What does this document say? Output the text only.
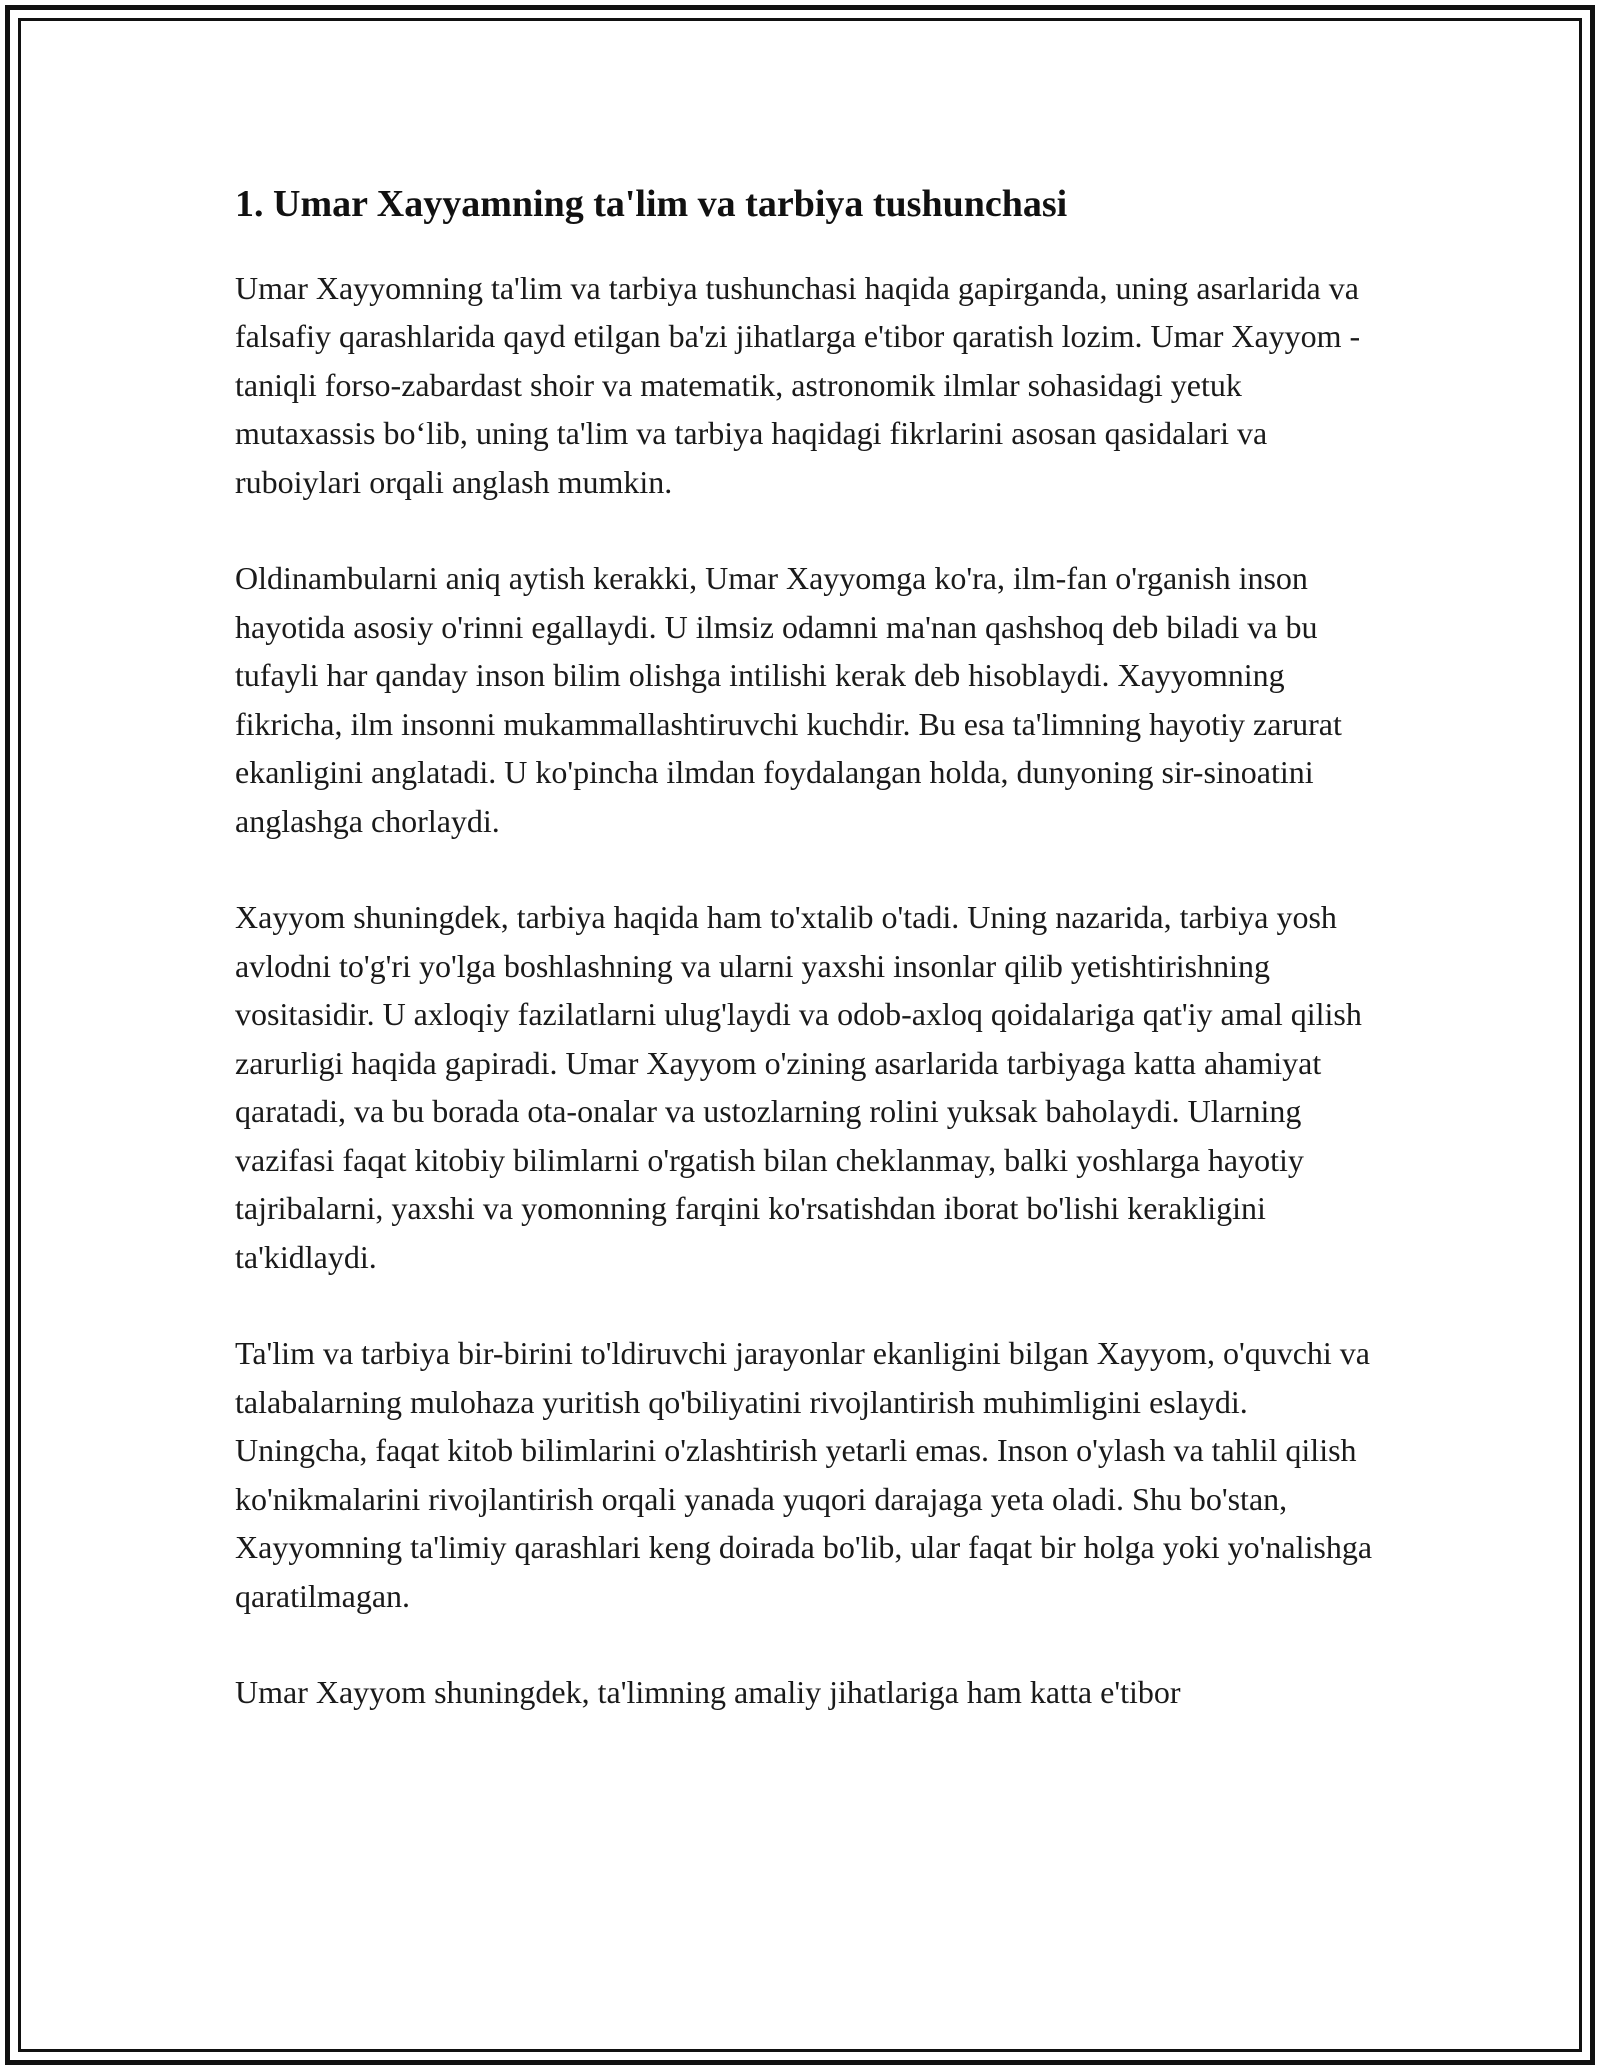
1. Umar Xayyamning ta'lim va tarbiya tushunchasi

Umar Xayyomning ta'lim va tarbiya tushunchasi haqida gapirganda, uning asarlarida va falsafiy qarashlarida qayd etilgan ba'zi jihatlarga e'tibor qaratish lozim. Umar Xayyom - taniqli forso-zabardast shoir va matematik, astronomik ilmlar sohasidagi yetuk mutaxassis bo‘lib, uning ta'lim va tarbiya haqidagi fikrlarini asosan qasidalari va ruboiylari orqali anglash mumkin.

Oldinambularni aniq aytish kerakki, Umar Xayyomga ko'ra, ilm-fan o'rganish inson hayotida asosiy o'rinni egallaydi. U ilmsiz odamni ma'nan qashshoq deb biladi va bu tufayli har qanday inson bilim olishga intilishi kerak deb hisoblaydi. Xayyomning fikricha, ilm insonni mukammallashtiruvchi kuchdir. Bu esa ta'limning hayotiy zarurat ekanligini anglatadi. U ko'pincha ilmdan foydalangan holda, dunyoning sir-sinoatini anglashga chorlaydi.

Xayyom shuningdek, tarbiya haqida ham to'xtalib o'tadi. Uning nazarida, tarbiya yosh avlodni to'g'ri yo'lga boshlashning va ularni yaxshi insonlar qilib yetishtirishning vositasidir. U axloqiy fazilatlarni ulug'laydi va odob-axloq qoidalariga qat'iy amal qilish zarurligi haqida gapiradi. Umar Xayyom o'zining asarlarida tarbiyaga katta ahamiyat qaratadi, va bu borada ota-onalar va ustozlarning rolini yuksak baholaydi. Ularning vazifasi faqat kitobiy bilimlarni o'rgatish bilan cheklanmay, balki yoshlarga hayotiy tajribalarni, yaxshi va yomonning farqini ko'rsatishdan iborat bo'lishi kerakligini ta'kidlaydi.

Ta'lim va tarbiya bir-birini to'ldiruvchi jarayonlar ekanligini bilgan Xayyom, o'quvchi va talabalarning mulohaza yuritish qo'biliyatini rivojlantirish muhimligini eslaydi. Uningcha, faqat kitob bilimlarini o'zlashtirish yetarli emas. Inson o'ylash va tahlil qilish ko'nikmalarini rivojlantirish orqali yanada yuqori darajaga yeta oladi. Shu bo'stan, Xayyomning ta'limiy qarashlari keng doirada bo'lib, ular faqat bir holga yoki yo'nalishga qaratilmagan.

Umar Xayyom shuningdek, ta'limning amaliy jihatlariga ham katta e'tibor
